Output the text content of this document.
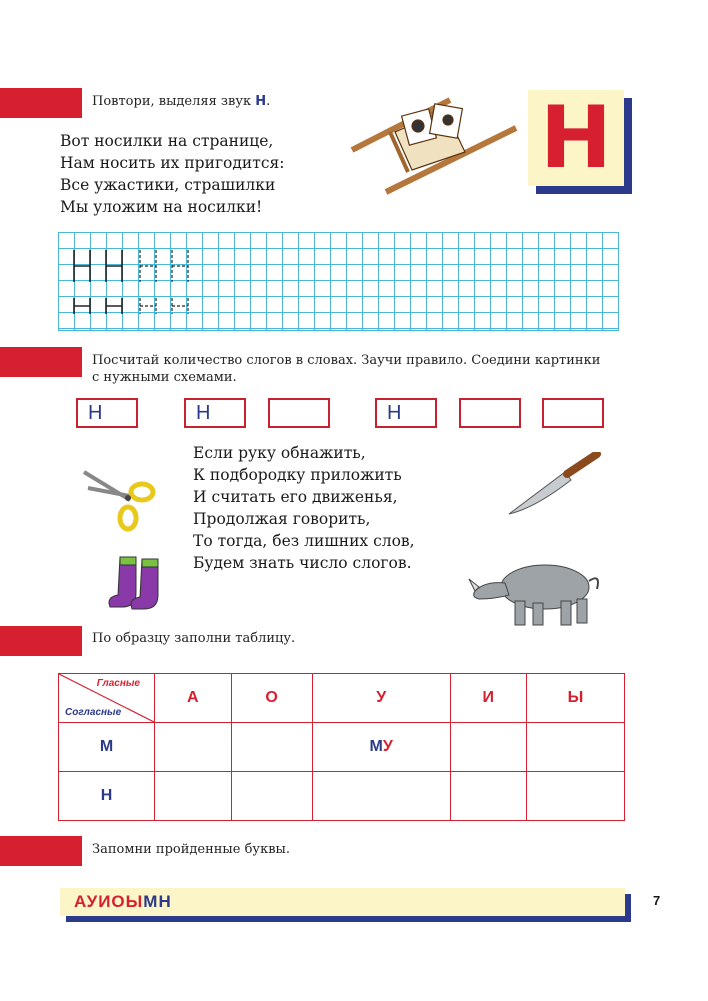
Повтори, выделяя звук Н.
Вот носилки на странице,
Нам носить их пригодится:
Все ужастики, страшилки
Мы уложим на носилки!
Н
Посчитай количество слогов в словах. Заучи правило. Соедини картинки
с нужными схемами.
Н	Н	Н
Если руку обнажить,
К подбородку приложить
И считать его движенья,
Продолжая говорить,
То тогда, без лишних слов,
Будем знать число слогов.
По образцу заполни таблицу.
Гласные
Согласные	А	О	У	И	Ы
М			МУ		
Н					
Запомни пройденные буквы.
АУИОЫМН	7
